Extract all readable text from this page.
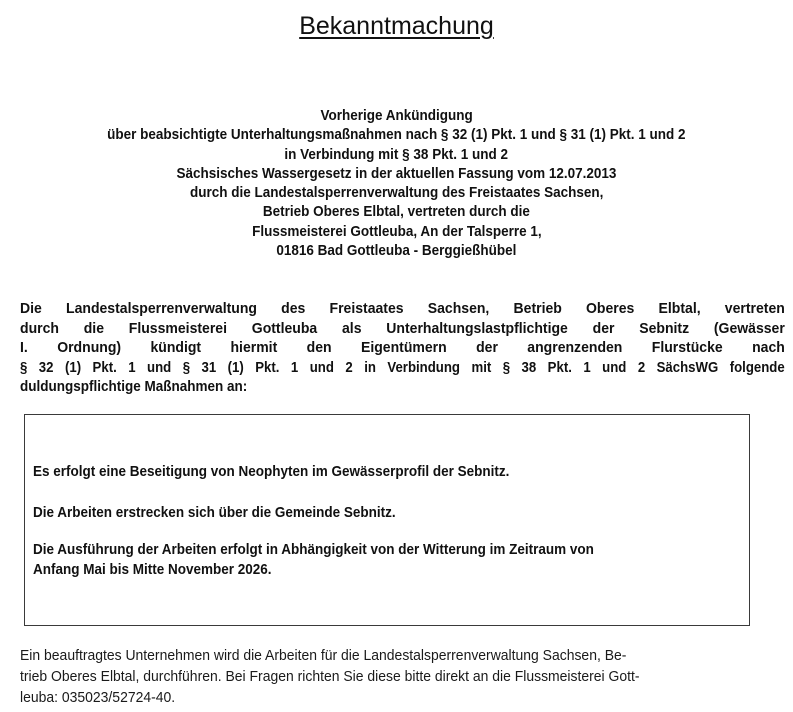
Bekanntmachung
Vorherige Ankündigung
über beabsichtigte Unterhaltungsmaßnahmen nach § 32 (1) Pkt. 1 und § 31 (1) Pkt. 1 und 2
in Verbindung mit § 38 Pkt. 1 und 2
Sächsisches Wassergesetz in der aktuellen Fassung vom 12.07.2013
durch die Landestalsperrenverwaltung des Freistaates Sachsen,
Betrieb Oberes Elbtal, vertreten durch die
Flussmeisterei Gottleuba, An der Talsperre 1,
01816 Bad Gottleuba - Berggießhübel
Die Landestalsperrenverwaltung des Freistaates Sachsen, Betrieb Oberes Elbtal, vertreten
durch die Flussmeisterei Gottleuba als Unterhaltungslastpflichtige der Sebnitz (Gewässer
I. Ordnung) kündigt hiermit den Eigentümern der angrenzenden Flurstücke nach
§ 32 (1) Pkt. 1 und § 31 (1) Pkt. 1 und 2 in Verbindung mit § 38 Pkt. 1 und 2 SächsWG folgende
duldungspflichtige Maßnahmen an:
Es erfolgt eine Beseitigung von Neophyten im Gewässerprofil der Sebnitz.
Die Arbeiten erstrecken sich über die Gemeinde Sebnitz.
Die Ausführung der Arbeiten erfolgt in Abhängigkeit von der Witterung im Zeitraum von
Anfang Mai bis Mitte November 2026.
Ein beauftragtes Unternehmen wird die Arbeiten für die Landestalsperrenverwaltung Sachsen, Be-
trieb Oberes Elbtal, durchführen. Bei Fragen richten Sie diese bitte direkt an die Flussmeisterei Gott-
leuba: 035023/52724-40.
